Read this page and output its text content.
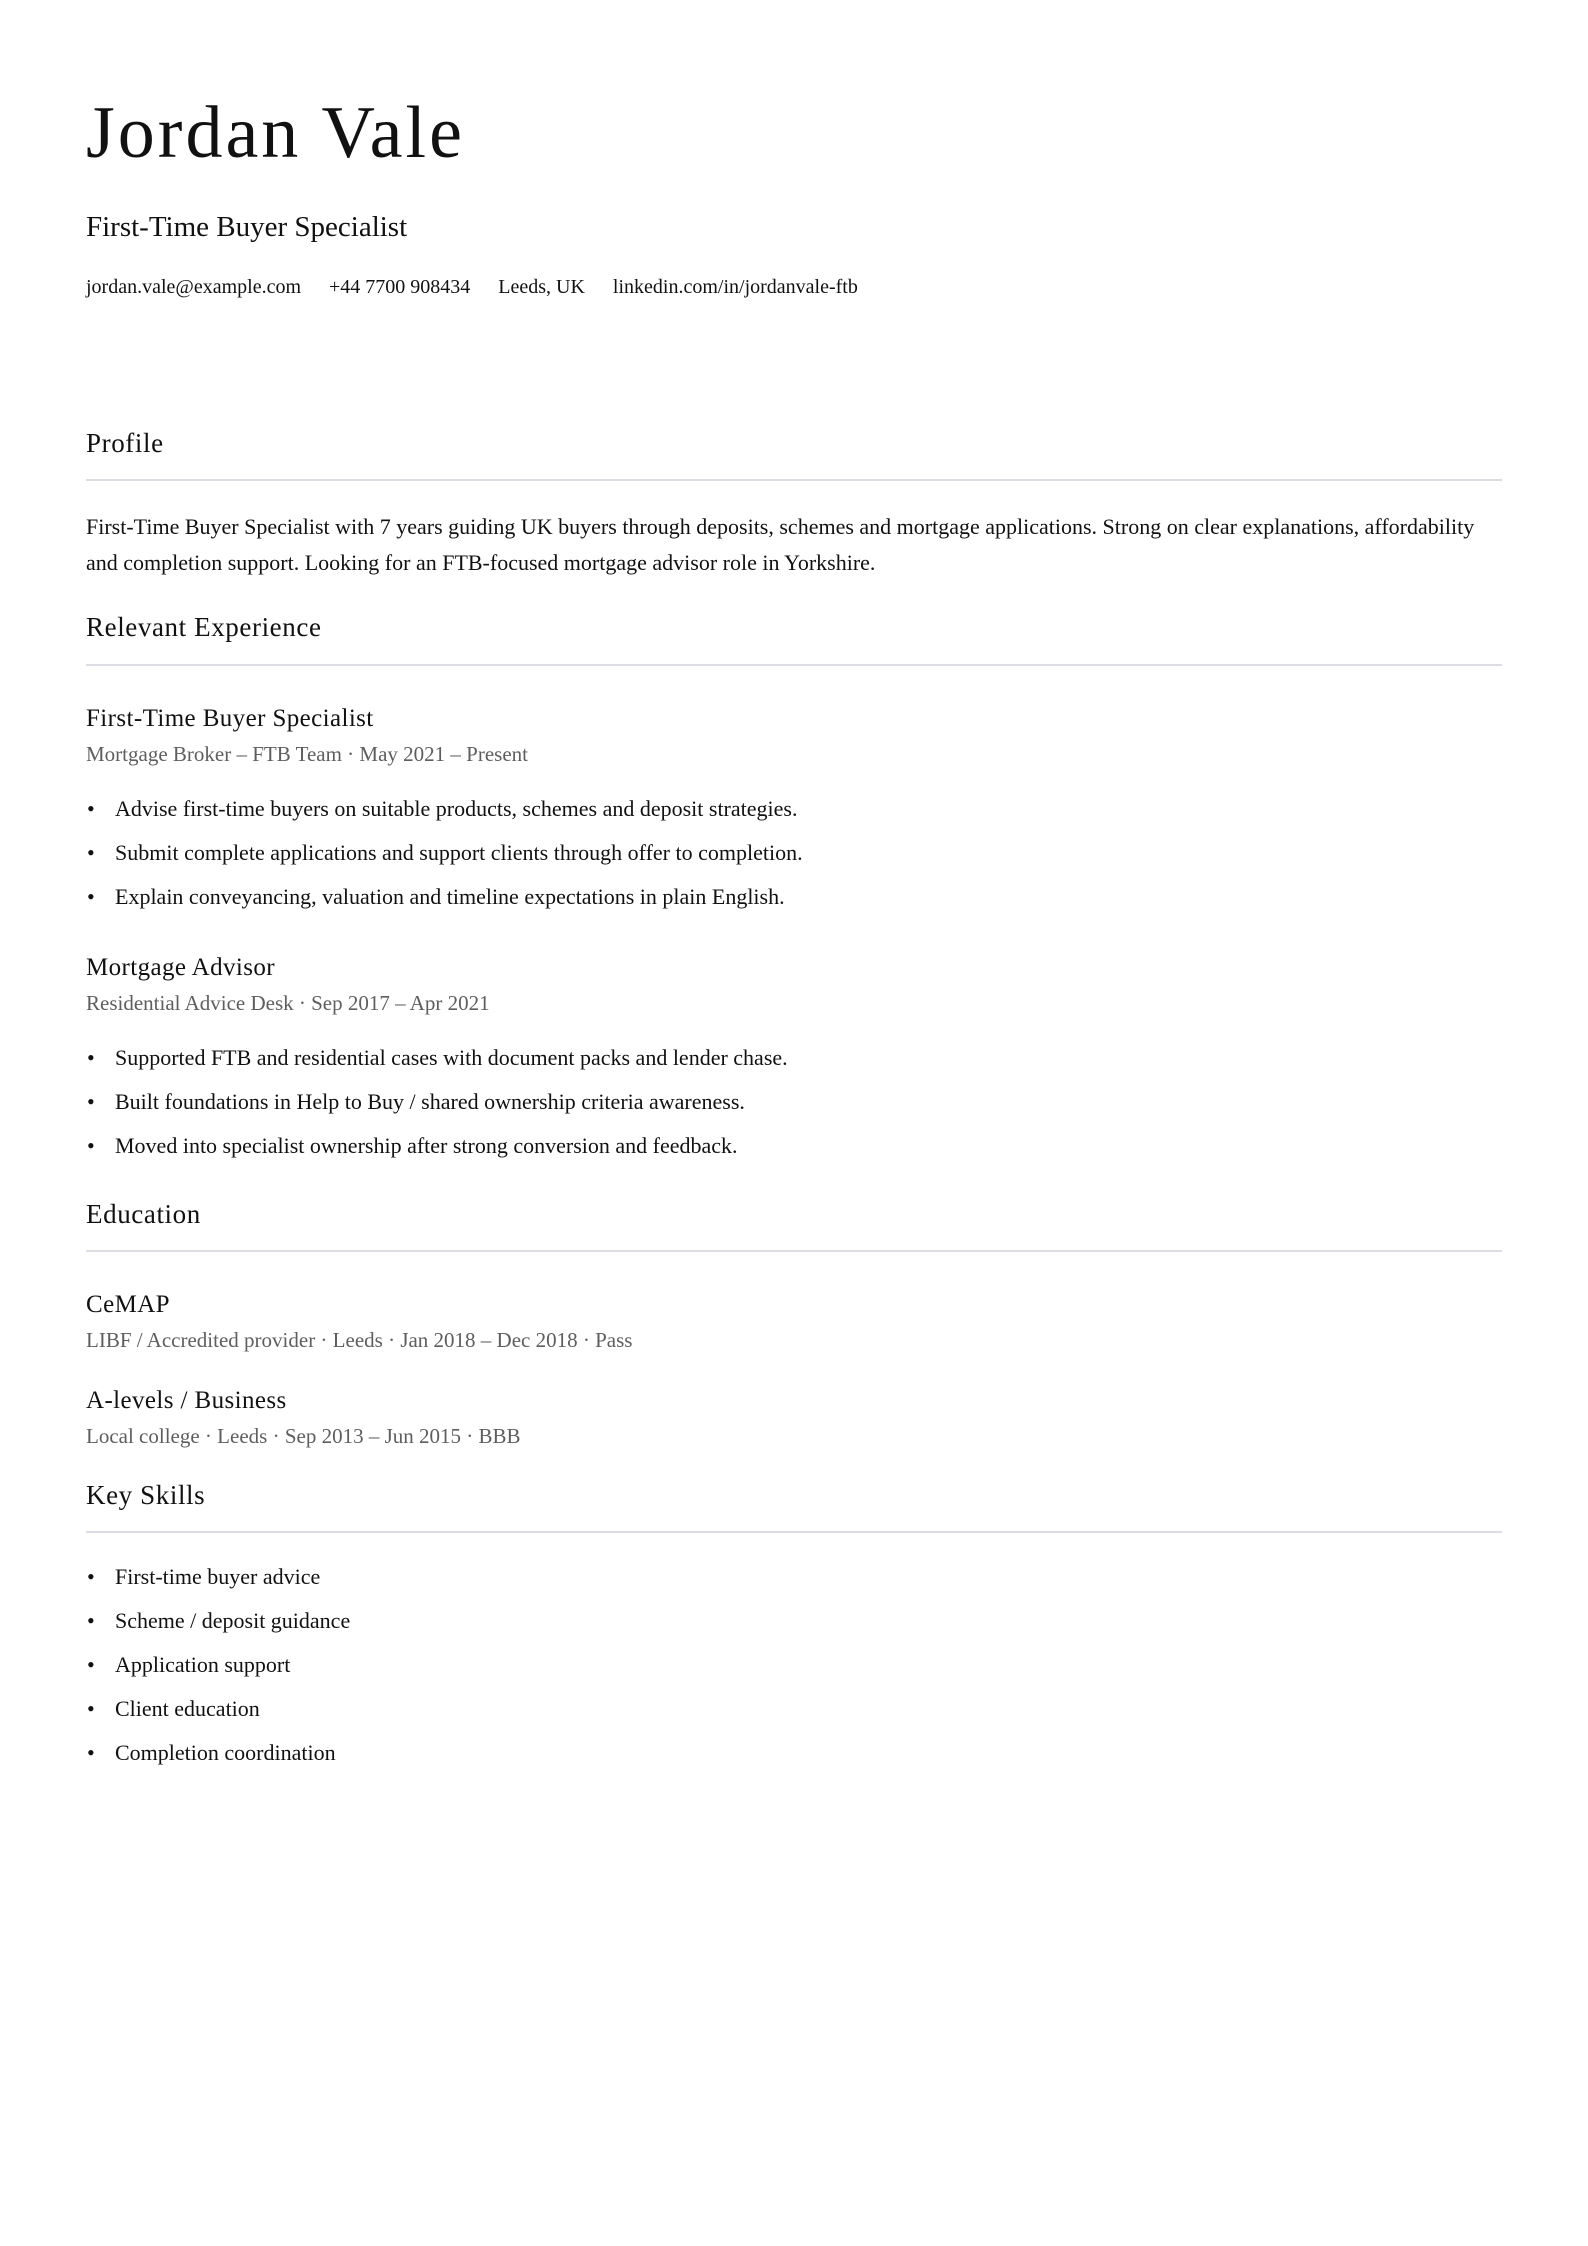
Jordan Vale
First-Time Buyer Specialist
jordan.vale@example.com +44 7700 908434 Leeds, UK linkedin.com/in/jordanvale-ftb
Profile

First-Time Buyer Specialist with 7 years guiding UK buyers through deposits, schemes and mortgage applications. Strong on clear explanations, affordability and completion support. Looking for an FTB-focused mortgage advisor role in Yorkshire.

Relevant Experience
First-Time Buyer Specialist
Mortgage Broker – FTB Team · May 2021 – Present
• Advise first-time buyers on suitable products, schemes and deposit strategies.
• Submit complete applications and support clients through offer to completion.
• Explain conveyancing, valuation and timeline expectations in plain English.
Mortgage Advisor
Residential Advice Desk · Sep 2017 – Apr 2021
• Supported FTB and residential cases with document packs and lender chase.
• Built foundations in Help to Buy / shared ownership criteria awareness.
• Moved into specialist ownership after strong conversion and feedback.
Education
CeMAP
LIBF / Accredited provider · Leeds · Jan 2018 – Dec 2018 · Pass
A-levels / Business
Local college · Leeds · Sep 2013 – Jun 2015 · BBB
Key Skills
• First-time buyer advice
• Scheme / deposit guidance
• Application support
• Client education
• Completion coordination
